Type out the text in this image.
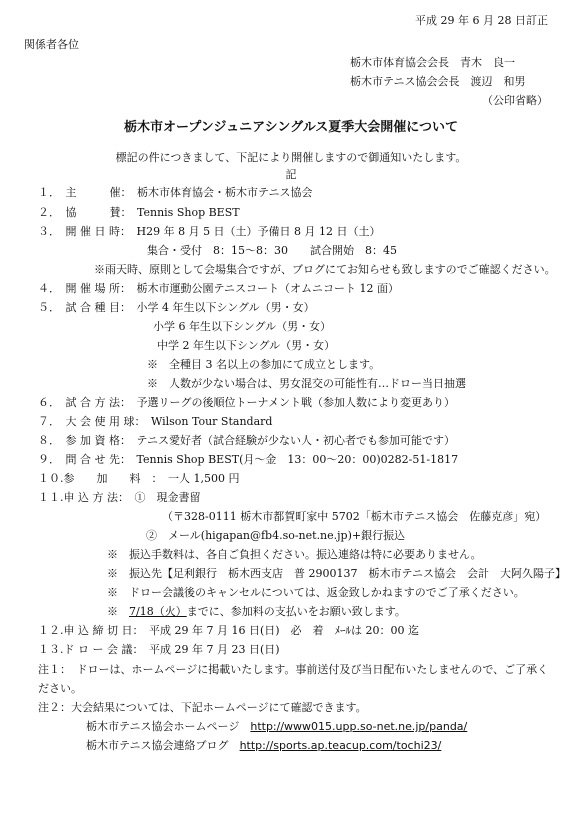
平成 29 年 6 月 28 日訂正
関係者各位
栃木市体育協会会長　青木　良一
栃木市テニス協会会長　渡辺　和男
（公印省略）
栃木市オープンジュニアシングルス夏季大会開催について
標記の件につきまして、下記により開催しますので御通知いたします。
記
１．　主　　　催：　栃木市体育協会・栃木市テニス協会
２．　協　　　賛：　Tennis Shop BEST
３．　開 催 日 時：　H29 年 8 月 5 日（土）予備日 8 月 12 日（土）
集合・受付　8：15～8：30　　試合開始　8：45
※雨天時、原則として会場集合ですが、ブログにてお知らせも致しますのでご確認ください。
４．　開 催 場 所：　栃木市運動公園テニスコート（オムニコート 12 面）
５．　試 合 種 目：　小学 4 年生以下シングル（男・女）
小学 6 年生以下シングル（男・女）
中学 2 年生以下シングル（男・女）
※　全種目 3 名以上の参加にて成立とします。
※　人数が少ない場合は、男女混交の可能性有…ドロー当日抽選
６．　試 合 方 法：　予選リーグの後順位トーナメント戦（参加人数により変更あり）
７．　大 会 使 用 球：　Wilson Tour Standard
８．　参 加 資 格：　テニス愛好者（試合経験が少ない人・初心者でも参加可能です）
９．　問 合 せ 先：　Tennis Shop BEST(月～金　13：00～20：00)0282-51-1817
１０.参　　加　　料　：　一人 1,500 円
１１.申 込 方 法：　①　現金書留
（〒328-0111 栃木市都賀町家中 5702「栃木市テニス協会　佐藤克彦」宛）
②　メール(higapan@fb4.so-net.ne.jp)+銀行振込
※　振込手数料は、各自ご負担ください。振込連絡は特に必要ありません。
※　振込先【足利銀行　栃木西支店　普 2900137　栃木市テニス協会　会計　大阿久陽子】
※　ドロー会議後のキャンセルについては、返金致しかねますのでご了承ください。
※　7/18（火）までに、参加料の支払いをお願い致します。
１２.申 込 締 切 日：　平成 29 年 7 月 16 日(日)　必　着　ﾒｰﾙは 20：00 迄
１３.ド ロ ー 会 議：　平成 29 年 7 月 23 日(日)
注１：　ドローは、ホームページに掲載いたします。事前送付及び当日配布いたしませんので、ご了承く
ださい。
注２：大会結果については、下記ホームページにて確認できます。
栃木市テニス協会ホームページ　http://www015.upp.so-net.ne.jp/panda/
栃木市テニス協会連絡ブログ　http://sports.ap.teacup.com/tochi23/
